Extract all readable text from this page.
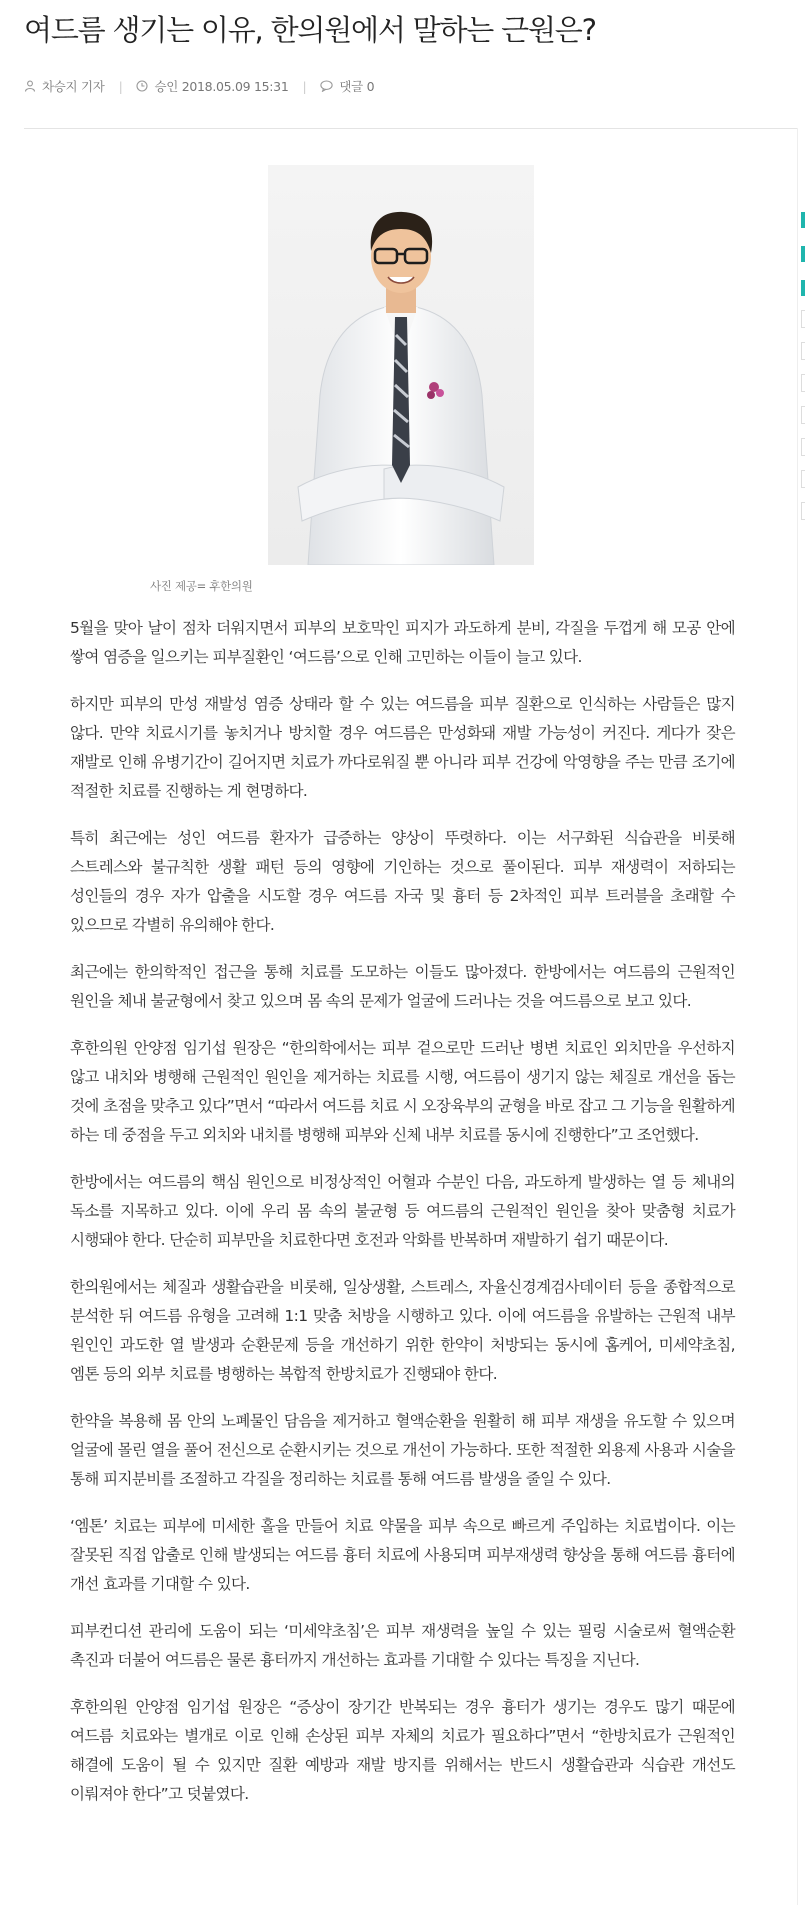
여드름 생기는 이유, 한의원에서 말하는 근원은?
차승지 기자 |	승인 2018.05.09 15:31 |	댓글 0
사진 제공= 후한의원

5월을 맞아 날이 점차 더워지면서 피부의 보호막인 피지가 과도하게 분비, 각질을 두껍게 해 모공 안에 쌓여 염증을 일으키는 피부질환인 ‘여드름’으로 인해 고민하는 이들이 늘고 있다.

하지만 피부의 만성 재발성 염증 상태라 할 수 있는 여드름을 피부 질환으로 인식하는 사람들은 많지 않다. 만약 치료시기를 놓치거나 방치할 경우 여드름은 만성화돼 재발 가능성이 커진다. 게다가 잦은 재발로 인해 유병기간이 길어지면 치료가 까다로워질 뿐 아니라 피부 건강에 악영향을 주는 만큼 조기에 적절한 치료를 진행하는 게 현명하다.

특히 최근에는 성인 여드름 환자가 급증하는 양상이 뚜렷하다. 이는 서구화된 식습관을 비롯해 스트레스와 불규칙한 생활 패턴 등의 영향에 기인하는 것으로 풀이된다. 피부 재생력이 저하되는 성인들의 경우 자가 압출을 시도할 경우 여드름 자국 및 흉터 등 2차적인 피부 트러블을 초래할 수 있으므로 각별히 유의해야 한다.

최근에는 한의학적인 접근을 통해 치료를 도모하는 이들도 많아졌다. 한방에서는 여드름의 근원적인 원인을 체내 불균형에서 찾고 있으며 몸 속의 문제가 얼굴에 드러나는 것을 여드름으로 보고 있다.

후한의원 안양점 임기섭 원장은 “한의학에서는 피부 겉으로만 드러난 병변 치료인 외치만을 우선하지 않고 내치와 병행해 근원적인 원인을 제거하는 치료를 시행, 여드름이 생기지 않는 체질로 개선을 돕는 것에 초점을 맞추고 있다”면서 “따라서 여드름 치료 시 오장육부의 균형을 바로 잡고 그 기능을 원활하게 하는 데 중점을 두고 외치와 내치를 병행해 피부와 신체 내부 치료를 동시에 진행한다”고 조언했다.

한방에서는 여드름의 핵심 원인으로 비정상적인 어혈과 수분인 다음, 과도하게 발생하는 열 등 체내의 독소를 지목하고 있다. 이에 우리 몸 속의 불균형 등 여드름의 근원적인 원인을 찾아 맞춤형 치료가 시행돼야 한다. 단순히 피부만을 치료한다면 호전과 악화를 반복하며 재발하기 쉽기 때문이다.

한의원에서는 체질과 생활습관을 비롯해, 일상생활, 스트레스, 자율신경계검사데이터 등을 종합적으로 분석한 뒤 여드름 유형을 고려해 1:1 맞춤 처방을 시행하고 있다. 이에 여드름을 유발하는 근원적 내부 원인인 과도한 열 발생과 순환문제 등을 개선하기 위한 한약이 처방되는 동시에 홈케어, 미세약초침, 엠톤 등의 외부 치료를 병행하는 복합적 한방치료가 진행돼야 한다.

한약을 복용해 몸 안의 노폐물인 담음을 제거하고 혈액순환을 원활히 해 피부 재생을 유도할 수 있으며 얼굴에 몰린 열을 풀어 전신으로 순환시키는 것으로 개선이 가능하다. 또한 적절한 외용제 사용과 시술을 통해 피지분비를 조절하고 각질을 정리하는 치료를 통해 여드름 발생을 줄일 수 있다.

‘엠톤’ 치료는 피부에 미세한 홀을 만들어 치료 약물을 피부 속으로 빠르게 주입하는 치료법이다. 이는 잘못된 직접 압출로 인해 발생되는 여드름 흉터 치료에 사용되며 피부재생력 향상을 통해 여드름 흉터에 개선 효과를 기대할 수 있다.

피부컨디션 관리에 도움이 되는 ‘미세약초침’은 피부 재생력을 높일 수 있는 필링 시술로써 혈액순환 촉진과 더불어 여드름은 물론 흉터까지 개선하는 효과를 기대할 수 있다는 특징을 지닌다.

후한의원 안양점 임기섭 원장은 “증상이 장기간 반복되는 경우 흉터가 생기는 경우도 많기 때문에 여드름 치료와는 별개로 이로 인해 손상된 피부 자체의 치료가 필요하다”면서 “한방치료가 근원적인 해결에 도움이 될 수 있지만 질환 예방과 재발 방지를 위해서는 반드시 생활습관과 식습관 개선도 이뤄져야 한다”고 덧붙였다.
